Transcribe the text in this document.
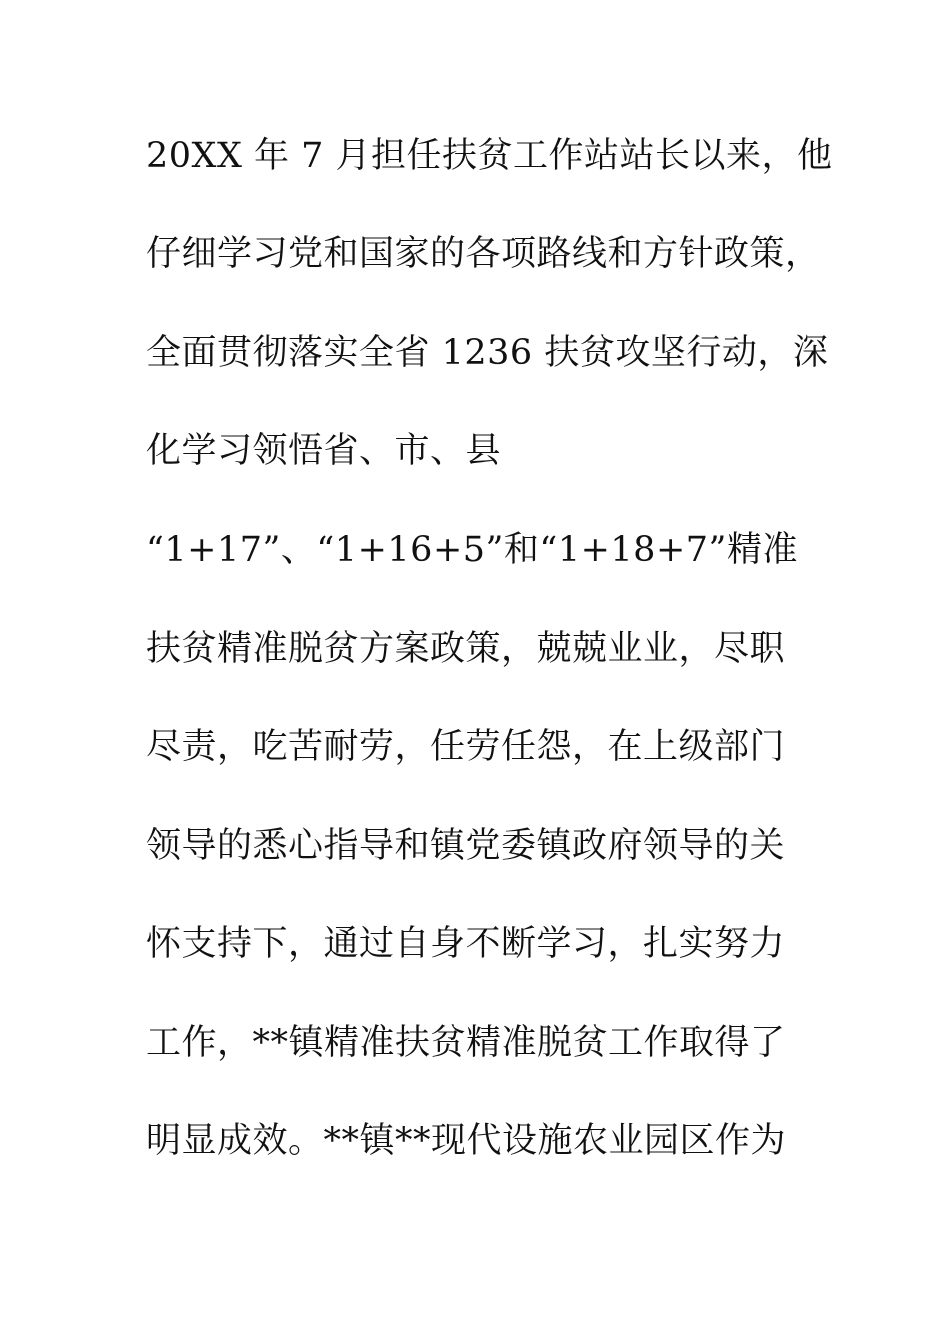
20XX 年 7 月担任扶贫工作站站长以来，他
仔细学习党和国家的各项路线和方针政策，
全面贯彻落实全省 1236 扶贫攻坚行动，深
化学习领悟省、市、县
“1+17”、“1+16+5”和“1+18+7”精准
扶贫精准脱贫方案政策，兢兢业业，尽职
尽责，吃苦耐劳，任劳任怨，在上级部门
领导的悉心指导和镇党委镇政府领导的关
怀支持下，通过自身不断学习，扎实努力
工作，**镇精准扶贫精准脱贫工作取得了
明显成效。**镇**现代设施农业园区作为
